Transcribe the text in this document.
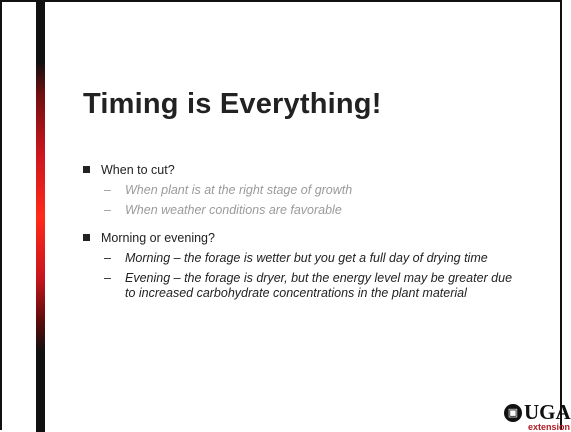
Timing is Everything!
When to cut?
– When plant is at the right stage of growth
– When weather conditions are favorable
Morning or evening?
– Morning – the forage is wetter but you get a full day of drying time
– Evening – the forage is dryer, but the energy level may be greater due to increased carbohydrate concentrations in the plant material
▣ UGA
extension
